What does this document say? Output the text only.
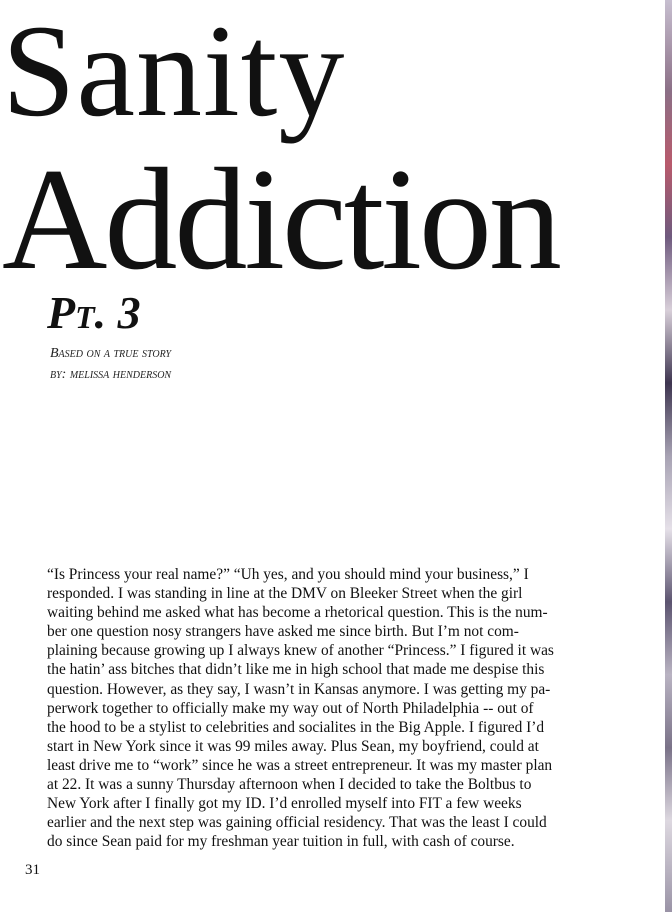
Sanity
Addiction
Pt. 3

Based on a true story

by: melissa henderson

“Is Princess your real name?” “Uh yes, and you should mind your business,” I
responded. I was standing in line at the DMV on Bleeker Street when the girl
waiting behind me asked what has become a rhetorical question. This is the num-
ber one question nosy strangers have asked me since birth. But I’m not com-
plaining because growing up I always knew of another “Princess.” I figured it was
the hatin’ ass bitches that didn’t like me in high school that made me despise this
question. However, as they say, I wasn’t in Kansas anymore. I was getting my pa-
perwork together to officially make my way out of North Philadelphia -- out of
the hood to be a stylist to celebrities and socialites in the Big Apple. I figured I’d
start in New York since it was 99 miles away. Plus Sean, my boyfriend, could at
least drive me to “work” since he was a street entrepreneur. It was my master plan
at 22. It was a sunny Thursday afternoon when I decided to take the Boltbus to
New York after I finally got my ID. I’d enrolled myself into FIT a few weeks
earlier and the next step was gaining official residency. That was the least I could
do since Sean paid for my freshman year tuition in full, with cash of course.

31
